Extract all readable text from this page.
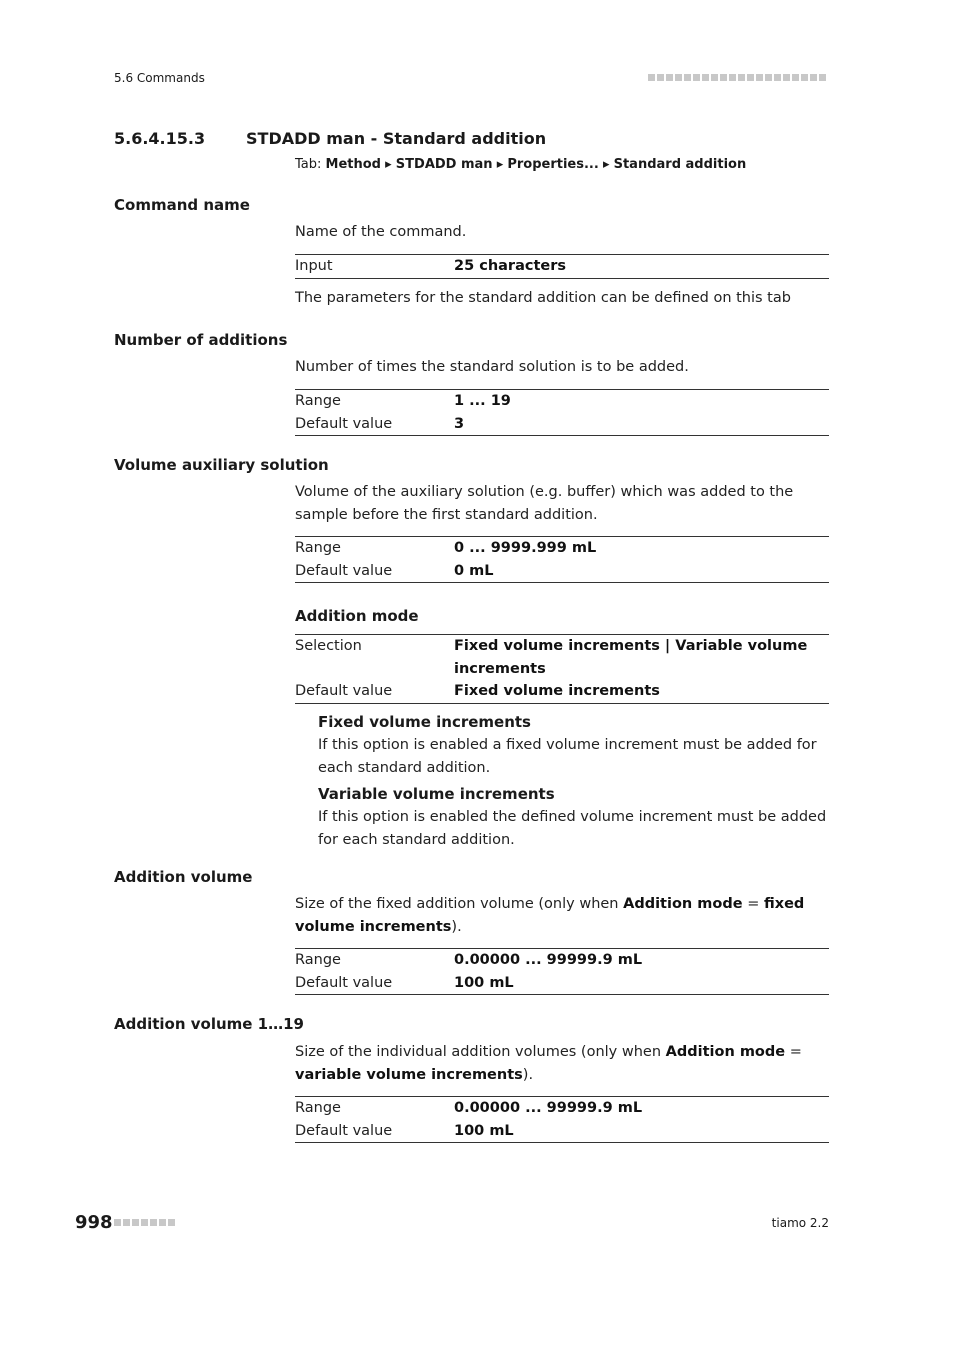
5.6 Commands
5.6.4.15.3	STDADD man - Standard addition
Tab: Method ▸ STDADD man ▸ Properties... ▸ Standard addition
Command name
Name of the command.
Input	25 characters
The parameters for the standard addition can be defined on this tab
Number of additions
Number of times the standard solution is to be added.
Range	1 ... 19
Default value	3
Volume auxiliary solution
Volume of the auxiliary solution (e.g. buffer) which was added to the sample before the first standard addition.
Range	0 ... 9999.999 mL
Default value	0 mL
Addition mode
Selection	Fixed volume increments | Variable volume increments
Default value	Fixed volume increments
Fixed volume increments
If this option is enabled a fixed volume increment must be added for each standard addition.
Variable volume increments
If this option is enabled the defined volume increment must be added for each standard addition.
Addition volume
Size of the fixed addition volume (only when Addition mode = fixed volume increments).
Range	0.00000 ... 99999.9 mL
Default value	100 mL
Addition volume 1…19
Size of the individual addition volumes (only when Addition mode = variable volume increments).
Range	0.00000 ... 99999.9 mL
Default value	100 mL
998	tiamo 2.2
